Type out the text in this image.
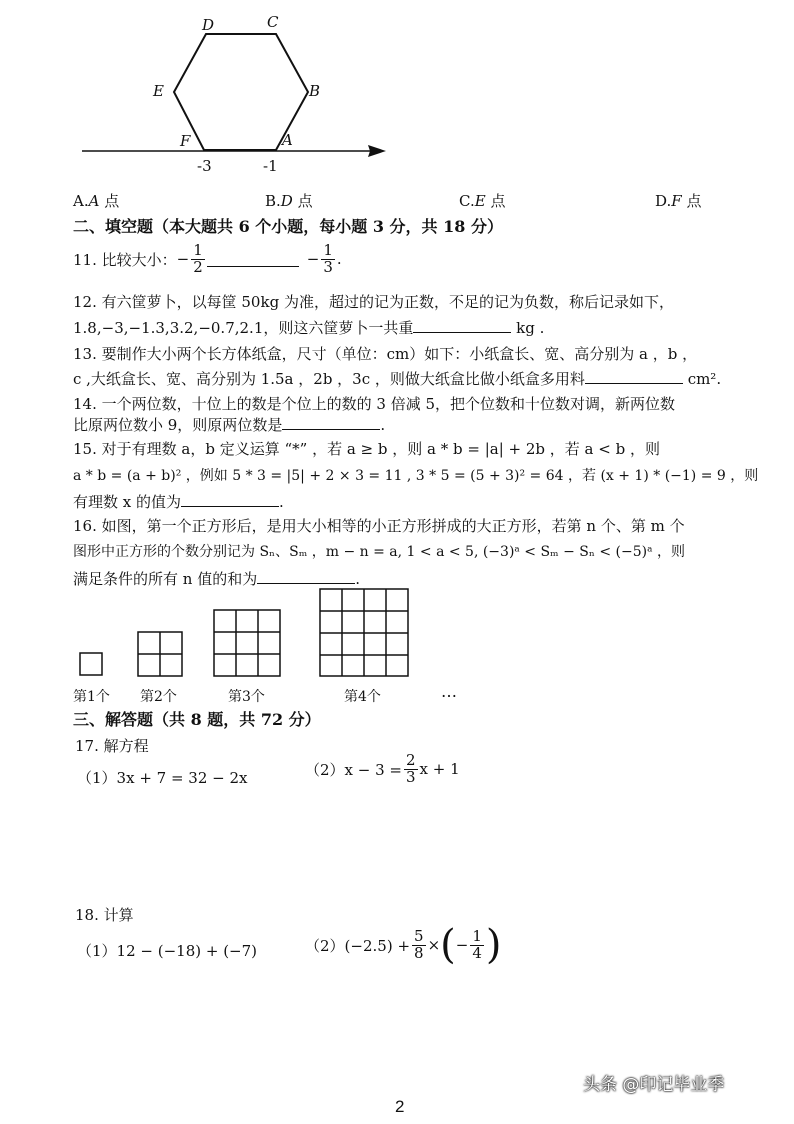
D	C
E	B
F	A
-3	-1
A.A 点	B.D 点	C.E 点	D.F 点
二、填空题（本大题共 6 个小题，每小题 3 分，共 18 分）
11. 比较大小： − $\frac{1}{2}$	− $\frac{1}{3}$ .
12. 有六筐萝卜，以每筐 50kg 为准，超过的记为正数，不足的记为负数，称后记录如下，
1.8,−3,−1.3,3.2,−0.7,2.1，则这六筐萝卜一共重	kg .
13. 要制作大小两个长方体纸盒，尺寸（单位：cm）如下：小纸盒长、宽、高分别为 a ，b ，
c ,大纸盒长、宽、高分别为 1.5a ，2b ，3c ，则做大纸盒比做小纸盒多用料	cm².
14. 一个两位数，十位上的数是个位上的数的 3 倍减 5，把个位数和十位数对调，新两位数
比原两位数小 9，则原两位数是	.
15. 对于有理数 a，b 定义运算 “*” ，若 a ≥ b ，则 a * b = |a| + 2b ，若 a < b ，则
a * b = (a + b)² ，例如 5 * 3 = |5| + 2 × 3 = 11 , 3 * 5 = (5 + 3)² = 64 ，若 (x + 1) * (−1) = 9 ，则
有理数 x 的值为	.
16. 如图，第一个正方形后，是用大小相等的小正方形拼成的大正方形，若第 n 个、第 m 个
图形中正方形的个数分别记为 Sₙ、Sₘ ，m − n = a, 1 < a < 5, (−3)ᵃ < Sₘ − Sₙ < (−5)ᵃ ，则
满足条件的所有 n 值的和为	.
第1个 第2个	第3个	第4个	…
三、解答题（共 8 题，共 72 分）
17. 解方程
（1）3x + 7 = 32 − 2x	$(2)x - 3 = \frac{2}{3}$ x + 1
18. 计算
（1）12 − (−18) + (−7)	$(2)(-2.5) + \frac{5}{8}$ × ( − $\frac{1}{4}$ )
头条 @印记毕业季
2
